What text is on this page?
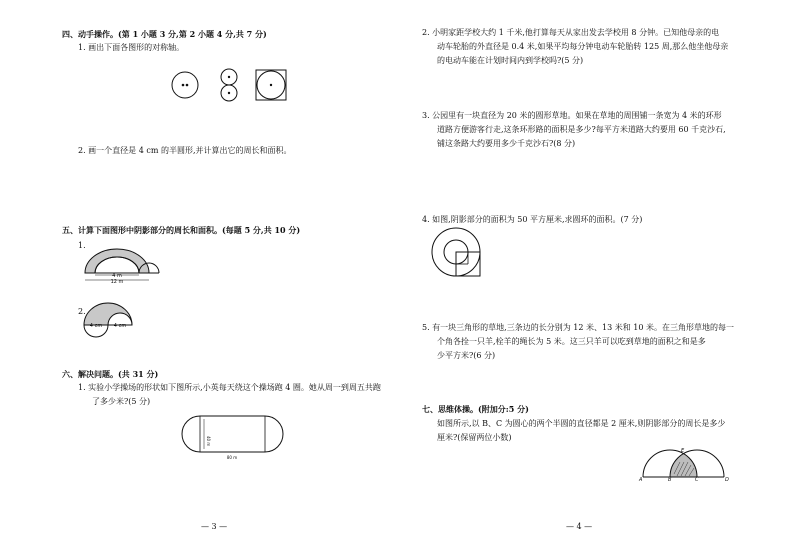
四、动手操作。(第 1 小题 3 分,第 2 小题 4 分,共 7 分)
1. 画出下面各图形的对称轴。
2. 画一个直径是 4 cm 的半圆形,并计算出它的周长和面积。
五、计算下面图形中阴影部分的周长和面积。(每题 5 分,共 10 分)
1.
4 m
12 m
2.
4 cm 4 cm
六、解决问题。(共 31 分)
1. 实验小学操场的形状如下图所示,小英每天绕这个操场跑 4 圈。她从周一到周五共跑
了多少米?(5 分)
40 m
80 m
— 3 —
2. 小明家距学校大约 1 千米,他打算每天从家出发去学校用 8 分钟。已知他母亲的电
动车轮胎的外直径是 0.4 米,如果平均每分钟电动车轮胎转 125 周,那么他坐他母亲
的电动车能在计划时间内到学校吗?(5 分)
3. 公园里有一块直径为 20 米的圆形草地。如果在草地的周围铺一条宽为 4 米的环形
道路方便游客行走,这条环形路的面积是多少?每平方米道路大约要用 60 千克沙石,
铺这条路大约要用多少千克沙石?(8 分)
4. 如图,阴影部分的面积为 50 平方厘米,求圆环的面积。(7 分)
5. 有一块三角形的草地,三条边的长分别为 12 米、13 米和 10 米。在三角形草地的每一
个角各拴一只羊,栓羊的绳长为 5 米。这三只羊可以吃到草地的面积之和是多
少平方米?(6 分)
七、思维体操。(附加分:5 分)
如图所示,以 B、C 为圆心的两个半圆的直径都是 2 厘米,则阴影部分的周长是多少
厘米?(保留两位小数)
A	B	C	D
E
— 4 —
